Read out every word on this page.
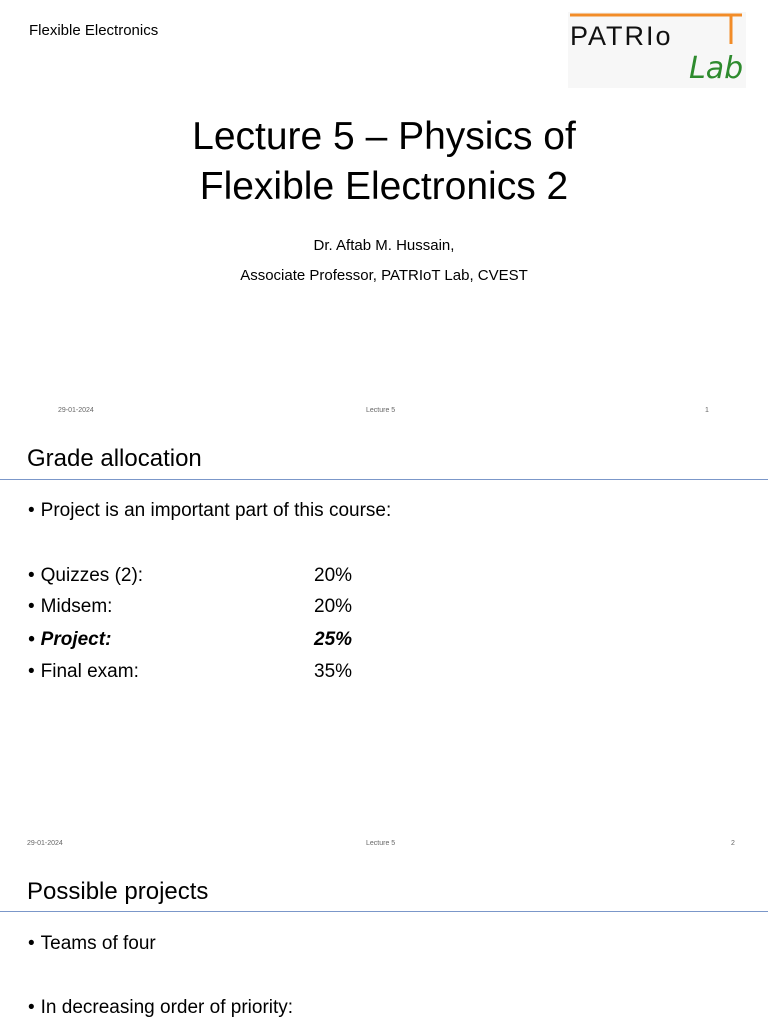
Flexible Electronics	PATRIo
Lab
Lecture 5 – Physics of
Flexible Electronics 2
Dr. Aftab M. Hussain,
Associate Professor, PATRIoT Lab, CVEST
29-01-2024	Lecture 5	1
Grade allocation
• Project is an important part of this course:
• Quizzes (2):	20%
• Midsem:	20%
• Project:	25%
• Final exam:	35%
29-01-2024	Lecture 5	2
Possible projects
• Teams of four
• In decreasing order of priority:
